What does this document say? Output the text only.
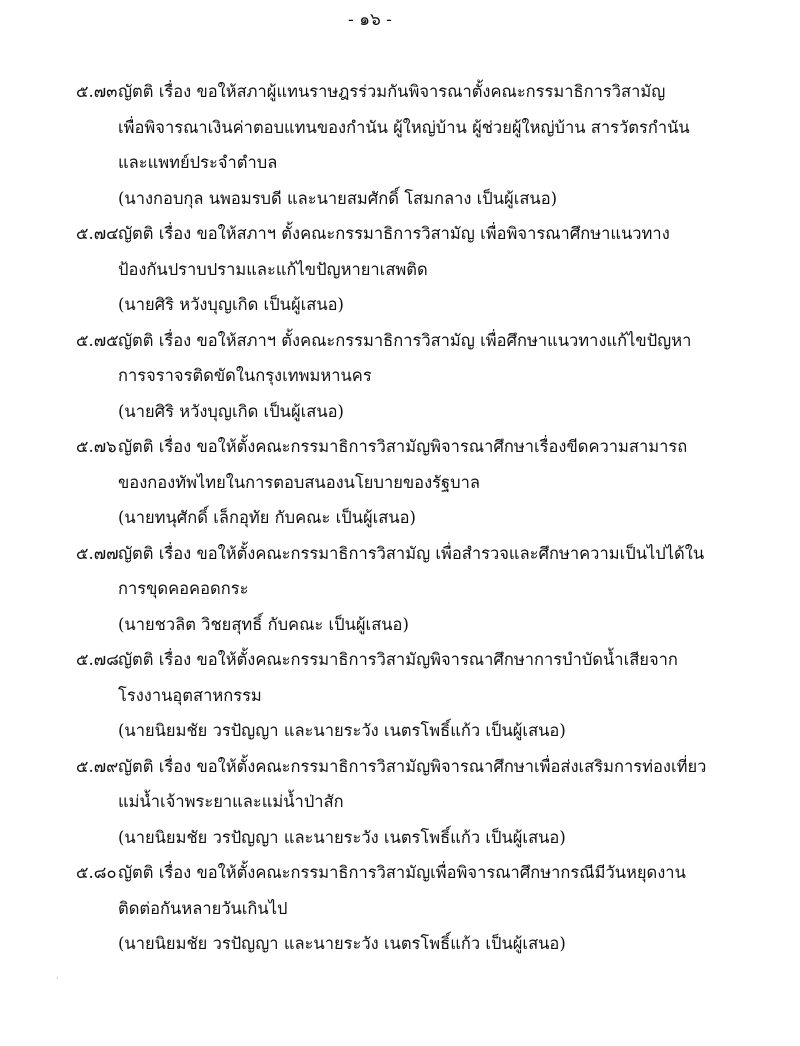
- ๑๖ -
๕.๗๓ ญัตติ เรื่อง ขอให้สภาผู้แทนราษฎรร่วมกันพิจารณาตั้งคณะกรรมาธิการวิสามัญ
เพื่อพิจารณาเงินค่าตอบแทนของกำนัน ผู้ใหญ่บ้าน ผู้ช่วยผู้ใหญ่บ้าน สารวัตรกำนัน
และแพทย์ประจำตำบล
(นางกอบกุล นพอมรบดี และนายสมศักดิ์ โสมกลาง เป็นผู้เสนอ)
๕.๗๔ ญัตติ เรื่อง ขอให้สภาฯ ตั้งคณะกรรมาธิการวิสามัญ เพื่อพิจารณาศึกษาแนวทาง
ป้องกันปราบปรามและแก้ไขปัญหายาเสพติด
(นายศิริ หวังบุญเกิด เป็นผู้เสนอ)
๕.๗๕ ญัตติ เรื่อง ขอให้สภาฯ ตั้งคณะกรรมาธิการวิสามัญ เพื่อศึกษาแนวทางแก้ไขปัญหา
การจราจรติดขัดในกรุงเทพมหานคร
(นายศิริ หวังบุญเกิด เป็นผู้เสนอ)
๕.๗๖ ญัตติ เรื่อง ขอให้ตั้งคณะกรรมาธิการวิสามัญพิจารณาศึกษาเรื่องขีดความสามารถ
ของกองทัพไทยในการตอบสนองนโยบายของรัฐบาล
(นายทนุศักดิ์ เล็กอุทัย กับคณะ เป็นผู้เสนอ)
๕.๗๗ ญัตติ เรื่อง ขอให้ตั้งคณะกรรมาธิการวิสามัญ เพื่อสำรวจและศึกษาความเป็นไปได้ใน
การขุดคอคอดกระ
(นายชวลิต วิชยสุทธิ์ กับคณะ เป็นผู้เสนอ)
๕.๗๘ ญัตติ เรื่อง ขอให้ตั้งคณะกรรมาธิการวิสามัญพิจารณาศึกษาการบำบัดน้ำเสียจาก
โรงงานอุตสาหกรรม
(นายนิยมชัย วรปัญญา และนายระวัง เนตรโพธิ์แก้ว เป็นผู้เสนอ)
๕.๗๙ ญัตติ เรื่อง ขอให้ตั้งคณะกรรมาธิการวิสามัญพิจารณาศึกษาเพื่อส่งเสริมการท่องเที่ยว
แม่น้ำเจ้าพระยาและแม่น้ำป่าสัก
(นายนิยมชัย วรปัญญา และนายระวัง เนตรโพธิ์แก้ว เป็นผู้เสนอ)
๕.๘๐ ญัตติ เรื่อง ขอให้ตั้งคณะกรรมาธิการวิสามัญเพื่อพิจารณาศึกษากรณีมีวันหยุดงาน
ติดต่อกันหลายวันเกินไป
(นายนิยมชัย วรปัญญา และนายระวัง เนตรโพธิ์แก้ว เป็นผู้เสนอ)
·
